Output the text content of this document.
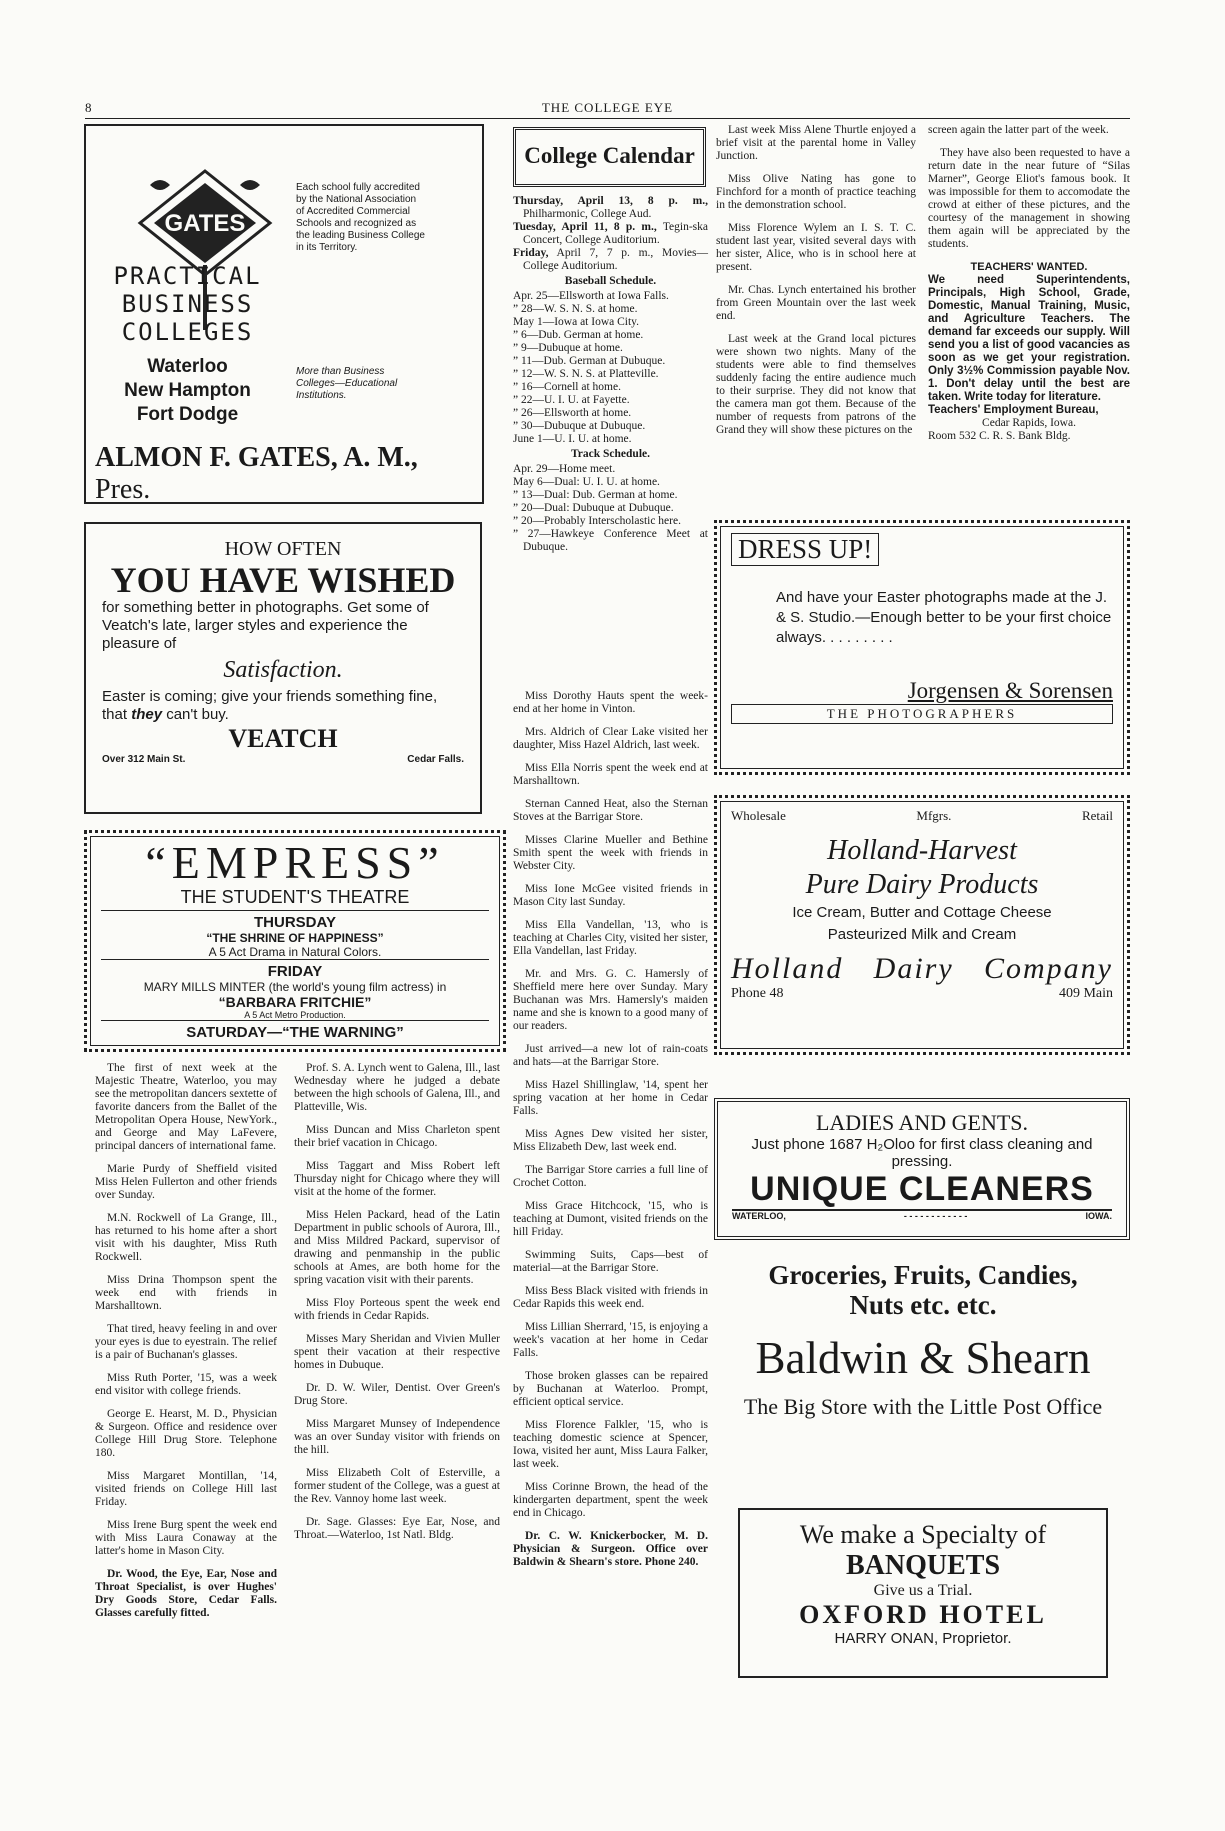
8	THE COLLEGE EYE
GATES
PRACTICAL
BUSINESS
COLLEGES
Waterloo
New Hampton
Fort Dodge
Each school fully accredited by the National Association of Accredited Commercial Schools and recognized as the leading Business College in its Territory.
More than Business Colleges—Educational Institutions.
ALMON F. GATES, A. M., Pres.
HOW OFTEN
YOU HAVE WISHED
for something better in photographs. Get some of Veatch's late, larger styles and experience the pleasure of
Satisfaction.
Easter is coming; give your friends something fine, that they can't buy.
VEATCH
Over 312 Main St.	Cedar Falls.
“EMPRESS”
THE STUDENT'S THEATRE
THURSDAY
“THE SHRINE OF HAPPINESS”
A 5 Act Drama in Natural Colors.
FRIDAY
MARY MILLS MINTER (the world's young film actress) in
“BARBARA FRITCHIE”
A 5 Act Metro Production.
SATURDAY—“THE WARNING”

The first of next week at the Majestic Theatre, Waterloo, you may see the metropolitan dancers sextette of favorite dancers from the Ballet of the Metropolitan Opera House, NewYork., and George and May LaFevere, principal dancers of international fame.

Marie Purdy of Sheffield visited Miss Helen Fullerton and other friends over Sunday.

M.N. Rockwell of La Grange, Ill., has returned to his home after a short visit with his daughter, Miss Ruth Rockwell.

Miss Drina Thompson spent the week end with friends in Marshalltown.

That tired, heavy feeling in and over your eyes is due to eyestrain. The relief is a pair of Buchanan's glasses.

Miss Ruth Porter, '15, was a week end visitor with college friends.

George E. Hearst, M. D., Physician & Surgeon. Office and residence over College Hill Drug Store. Telephone 180.

Miss Margaret Montillan, '14, visited friends on College Hill last Friday.

Miss Irene Burg spent the week end with Miss Laura Conaway at the latter's home in Mason City.

Dr. Wood, the Eye, Ear, Nose and Throat Specialist, is over Hughes' Dry Goods Store, Cedar Falls. Glasses carefully fitted.

Prof. S. A. Lynch went to Galena, Ill., last Wednesday where he judged a debate between the high schools of Galena, Ill., and Platteville, Wis.

Miss Duncan and Miss Charleton spent their brief vacation in Chicago.

Miss Taggart and Miss Robert left Thursday night for Chicago where they will visit at the home of the former.

Miss Helen Packard, head of the Latin Department in public schools of Aurora, Ill., and Miss Mildred Packard, supervisor of drawing and penmanship in the public schools at Ames, are both home for the spring vacation visit with their parents.

Miss Floy Porteous spent the week end with friends in Cedar Rapids.

Misses Mary Sheridan and Vivien Muller spent their vacation at their respective homes in Dubuque.

Dr. D. W. Wiler, Dentist. Over Green's Drug Store.

Miss Margaret Munsey of Independence was an over Sunday visitor with friends on the hill.

Miss Elizabeth Colt of Esterville, a former student of the College, was a guest at the Rev. Vannoy home last week.

Dr. Sage. Glasses: Eye Ear, Nose, and Throat.—Waterloo, 1st Natl. Bldg.

College Calendar
Thursday, April 13, 8 p. m., Philharmonic, College Aud.
Tuesday, April 11, 8 p. m., Tegin-ska Concert, College Auditorium.
Friday, April 7, 7 p. m., Movies—College Auditorium.

Baseball Schedule.

Apr. 25—Ellsworth at Iowa Falls.
” 28—W. S. N. S. at home.
May 1—Iowa at Iowa City.
” 6—Dub. German at home.
” 9—Dubuque at home.
” 11—Dub. German at Dubuque.
” 12—W. S. N. S. at Platteville.
” 16—Cornell at home.
” 22—U. I. U. at Fayette.
” 26—Ellsworth at home.
” 30—Dubuque at Dubuque.
June 1—U. I. U. at home.

Track Schedule.

Apr. 29—Home meet.
May 6—Dual: U. I. U. at home.
” 13—Dual: Dub. German at home.
” 20—Dual: Dubuque at Dubuque.
” 20—Probably Interscholastic here.
” 27—Hawkeye Conference Meet at Dubuque.

Miss Dorothy Hauts spent the week-end at her home in Vinton.

Mrs. Aldrich of Clear Lake visited her daughter, Miss Hazel Aldrich, last week.

Miss Ella Norris spent the week end at Marshalltown.

Sternan Canned Heat, also the Sternan Stoves at the Barrigar Store.

Misses Clarine Mueller and Bethine Smith spent the week with friends in Webster City.

Miss Ione McGee visited friends in Mason City last Sunday.

Miss Ella Vandellan, '13, who is teaching at Charles City, visited her sister, Ella Vandellan, last Friday.

Mr. and Mrs. G. C. Hamersly of Sheffield mere here over Sunday. Mary Buchanan was Mrs. Hamersly's maiden name and she is known to a good many of our readers.

Just arrived—a new lot of rain-coats and hats—at the Barrigar Store.

Miss Hazel Shillinglaw, '14, spent her spring vacation at her home in Cedar Falls.

Miss Agnes Dew visited her sister, Miss Elizabeth Dew, last week end.

The Barrigar Store carries a full line of Crochet Cotton.

Miss Grace Hitchcock, '15, who is teaching at Dumont, visited friends on the hill Friday.

Swimming Suits, Caps—best of material—at the Barrigar Store.

Miss Bess Black visited with friends in Cedar Rapids this week end.

Miss Lillian Sherrard, '15, is enjoying a week's vacation at her home in Cedar Falls.

Those broken glasses can be repaired by Buchanan at Waterloo. Prompt, efficient optical service.

Miss Florence Falkler, '15, who is teaching domestic science at Spencer, Iowa, visited her aunt, Miss Laura Falker, last week.

Miss Corinne Brown, the head of the kindergarten department, spent the week end in Chicago.

Dr. C. W. Knickerbocker, M. D. Physician & Surgeon. Office over Baldwin & Shearn's store. Phone 240.

Last week Miss Alene Thurtle enjoyed a brief visit at the parental home in Valley Junction.

Miss Olive Nating has gone to Finchford for a month of practice teaching in the demonstration school.

Miss Florence Wylem an I. S. T. C. student last year, visited several days with her sister, Alice, who is in school here at present.

Mr. Chas. Lynch entertained his brother from Green Mountain over the last week end.

Last week at the Grand local pictures were shown two nights. Many of the students were able to find themselves suddenly facing the entire audience much to their surprise. They did not know that the camera man got them. Because of the number of requests from patrons of the Grand they will show these pictures on the

screen again the latter part of the week.

They have also been requested to have a return date in the near future of “Silas Marner”, George Eliot's famous book. It was impossible for them to accomodate the crowd at either of these pictures, and the courtesy of the management in showing them again will be appreciated by the students.

TEACHERS' WANTED.
We need Superintendents, Principals, High School, Grade, Domestic, Manual Training, Music, and Agriculture Teachers. The demand far exceeds our supply. Will send you a list of good vacancies as soon as we get your registration. Only 3½% Commission payable Nov. 1. Don't delay until the best are taken. Write today for literature.
Teachers' Employment Bureau,
Cedar Rapids, Iowa.
Room 532 C. R. S. Bank Bldg.
DRESS UP!
And have your Easter photographs made at the J. & S. Studio.—Enough better to be your first choice always. . . . . . . . .
Jorgensen & Sorensen
THE PHOTOGRAPHERS
Wholesale	Mfgrs.	Retail
Holland-Harvest
Pure Dairy Products
Ice Cream, Butter and Cottage Cheese
Pasteurized Milk and Cream
Holland Dairy Company
Phone 48	409 Main
LADIES AND GENTS.
Just phone 1687 H₂Oloo for first class cleaning and pressing.
UNIQUE CLEANERS
WATERLOO,	- - - - - - - - - - - -	IOWA.
Groceries, Fruits, Candies,
Nuts etc. etc.
Baldwin & Shearn
The Big Store with the Little Post Office
We make a Specialty of
BANQUETS
Give us a Trial.
OXFORD HOTEL
HARRY ONAN, Proprietor.
